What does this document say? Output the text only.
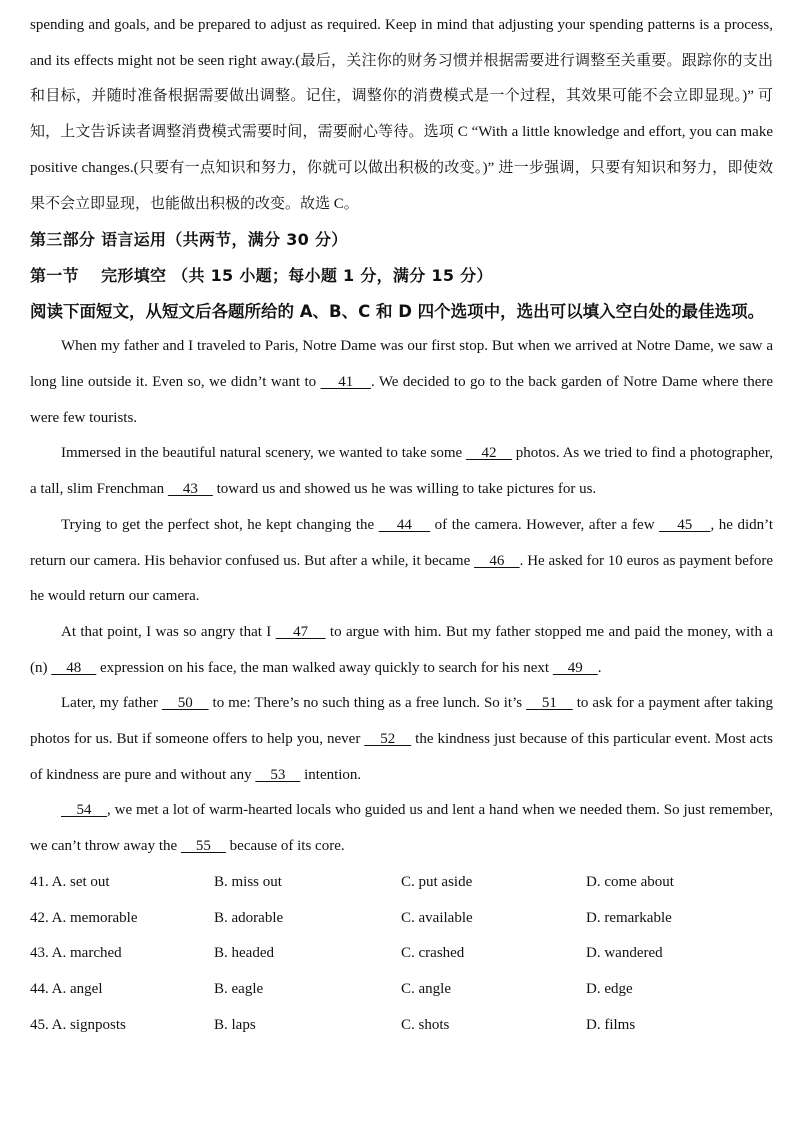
spending and goals, and be prepared to adjust as required. Keep in mind that adjusting your spending patterns is a process, and its effects might not be seen right away.(最后，关注你的财务习惯并根据需要进行调整至关重要。跟踪你的支出和目标，并随时准备根据需要做出调整。记住，调整你的消费模式是一个过程，其效果可能不会立即显现。)” 可知，上文告诉读者调整消费模式需要时间，需要耐心等待。选项 C “With a little knowledge and effort, you can make positive changes.(只要有一点知识和努力，你就可以做出积极的改变。)” 进一步强调，只要有知识和努力，即使效果不会立即显现，也能做出积极的改变。故选 C。

第三部分 语言运用（共两节，满分 30 分）

第一节　 完形填空 （共 15 小题；每小题 1 分，满分 15 分）

阅读下面短文，从短文后各题所给的 A、B、C 和 D 四个选项中，选出可以填入空白处的最佳选项。

When my father and I traveled to Paris, Notre Dame was our first stop. But when we arrived at Notre Dame, we saw a long line outside it. Even so, we didn’t want to     41    . We decided to go to the back garden of Notre Dame where there were few tourists.

Immersed in the beautiful natural scenery, we wanted to take some     42     photos. As we tried to find a photographer, a tall, slim Frenchman     43     toward us and showed us he was willing to take pictures for us.

Trying to get the perfect shot, he kept changing the     44     of the camera. However, after a few     45    , he didn’t return our camera. His behavior confused us. But after a while, it became     46    . He asked for 10 euros as payment before he would return our camera.

At that point, I was so angry that I     47     to argue with him. But my father stopped me and paid the money, with a (n)     48     expression on his face, the man walked away quickly to search for his next     49    .

Later, my father     50     to me: There’s no such thing as a free lunch. So it’s     51     to ask for a payment after taking photos for us. But if someone offers to help you, never     52     the kindness just because of this particular event. Most acts of kindness are pure and without any     53     intention.

54    , we met a lot of warm-hearted locals who guided us and lent a hand when we needed them. So just remember, we can’t throw away the     55     because of its core.

41. A. set out	B. miss out	C. put aside	D. come about
42. A. memorable	B. adorable	C. available	D. remarkable
43. A. marched	B. headed	C. crashed	D. wandered
44. A. angel	B. eagle	C. angle	D. edge
45. A. signposts	B. laps	C. shots	D. films
